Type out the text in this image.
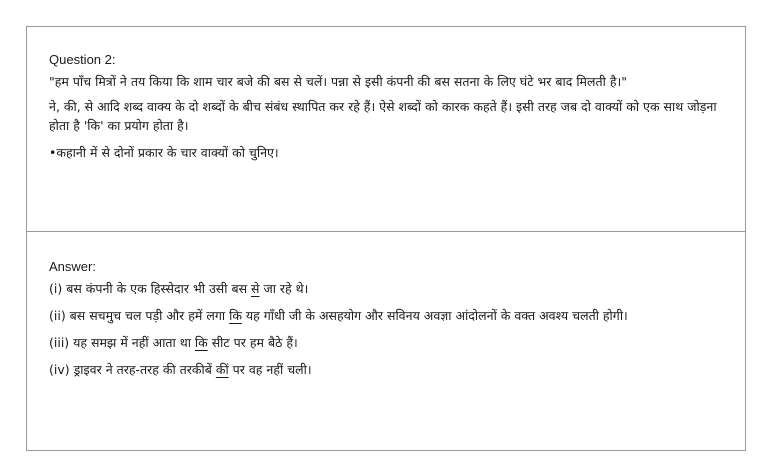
Question 2:
"हम पाँच मित्रों ने तय किया कि शाम चार बजे की बस से चलें। पन्ना से इसी कंपनी की बस सतना के लिए घंटे भर बाद मिलती है।"
ने, की, से आदि शब्द वाक्य के दो शब्दों के बीच संबंध स्थापित कर रहे हैं। ऐसे शब्दों को कारक कहते हैं। इसी तरह जब दो वाक्यों को एक साथ जोड़ना होता है 'कि' का प्रयोग होता है।
•कहानी में से दोनों प्रकार के चार वाक्यों को चुनिए।
Answer:
(i) बस कंपनी के एक हिस्सेदार भी उसी बस से जा रहे थे।
(ii) बस सचमुच चल पड़ी और हमें लगा कि यह गाँधी जी के असहयोग और सविनय अवज्ञा आंदोलनों के वक्त अवश्य चलती होगी।
(iii) यह समझ में नहीं आता था कि सीट पर हम बैठे हैं।
(iv) ड्राइवर ने तरह-तरह की तरकीबें कीं पर वह नहीं चली।
